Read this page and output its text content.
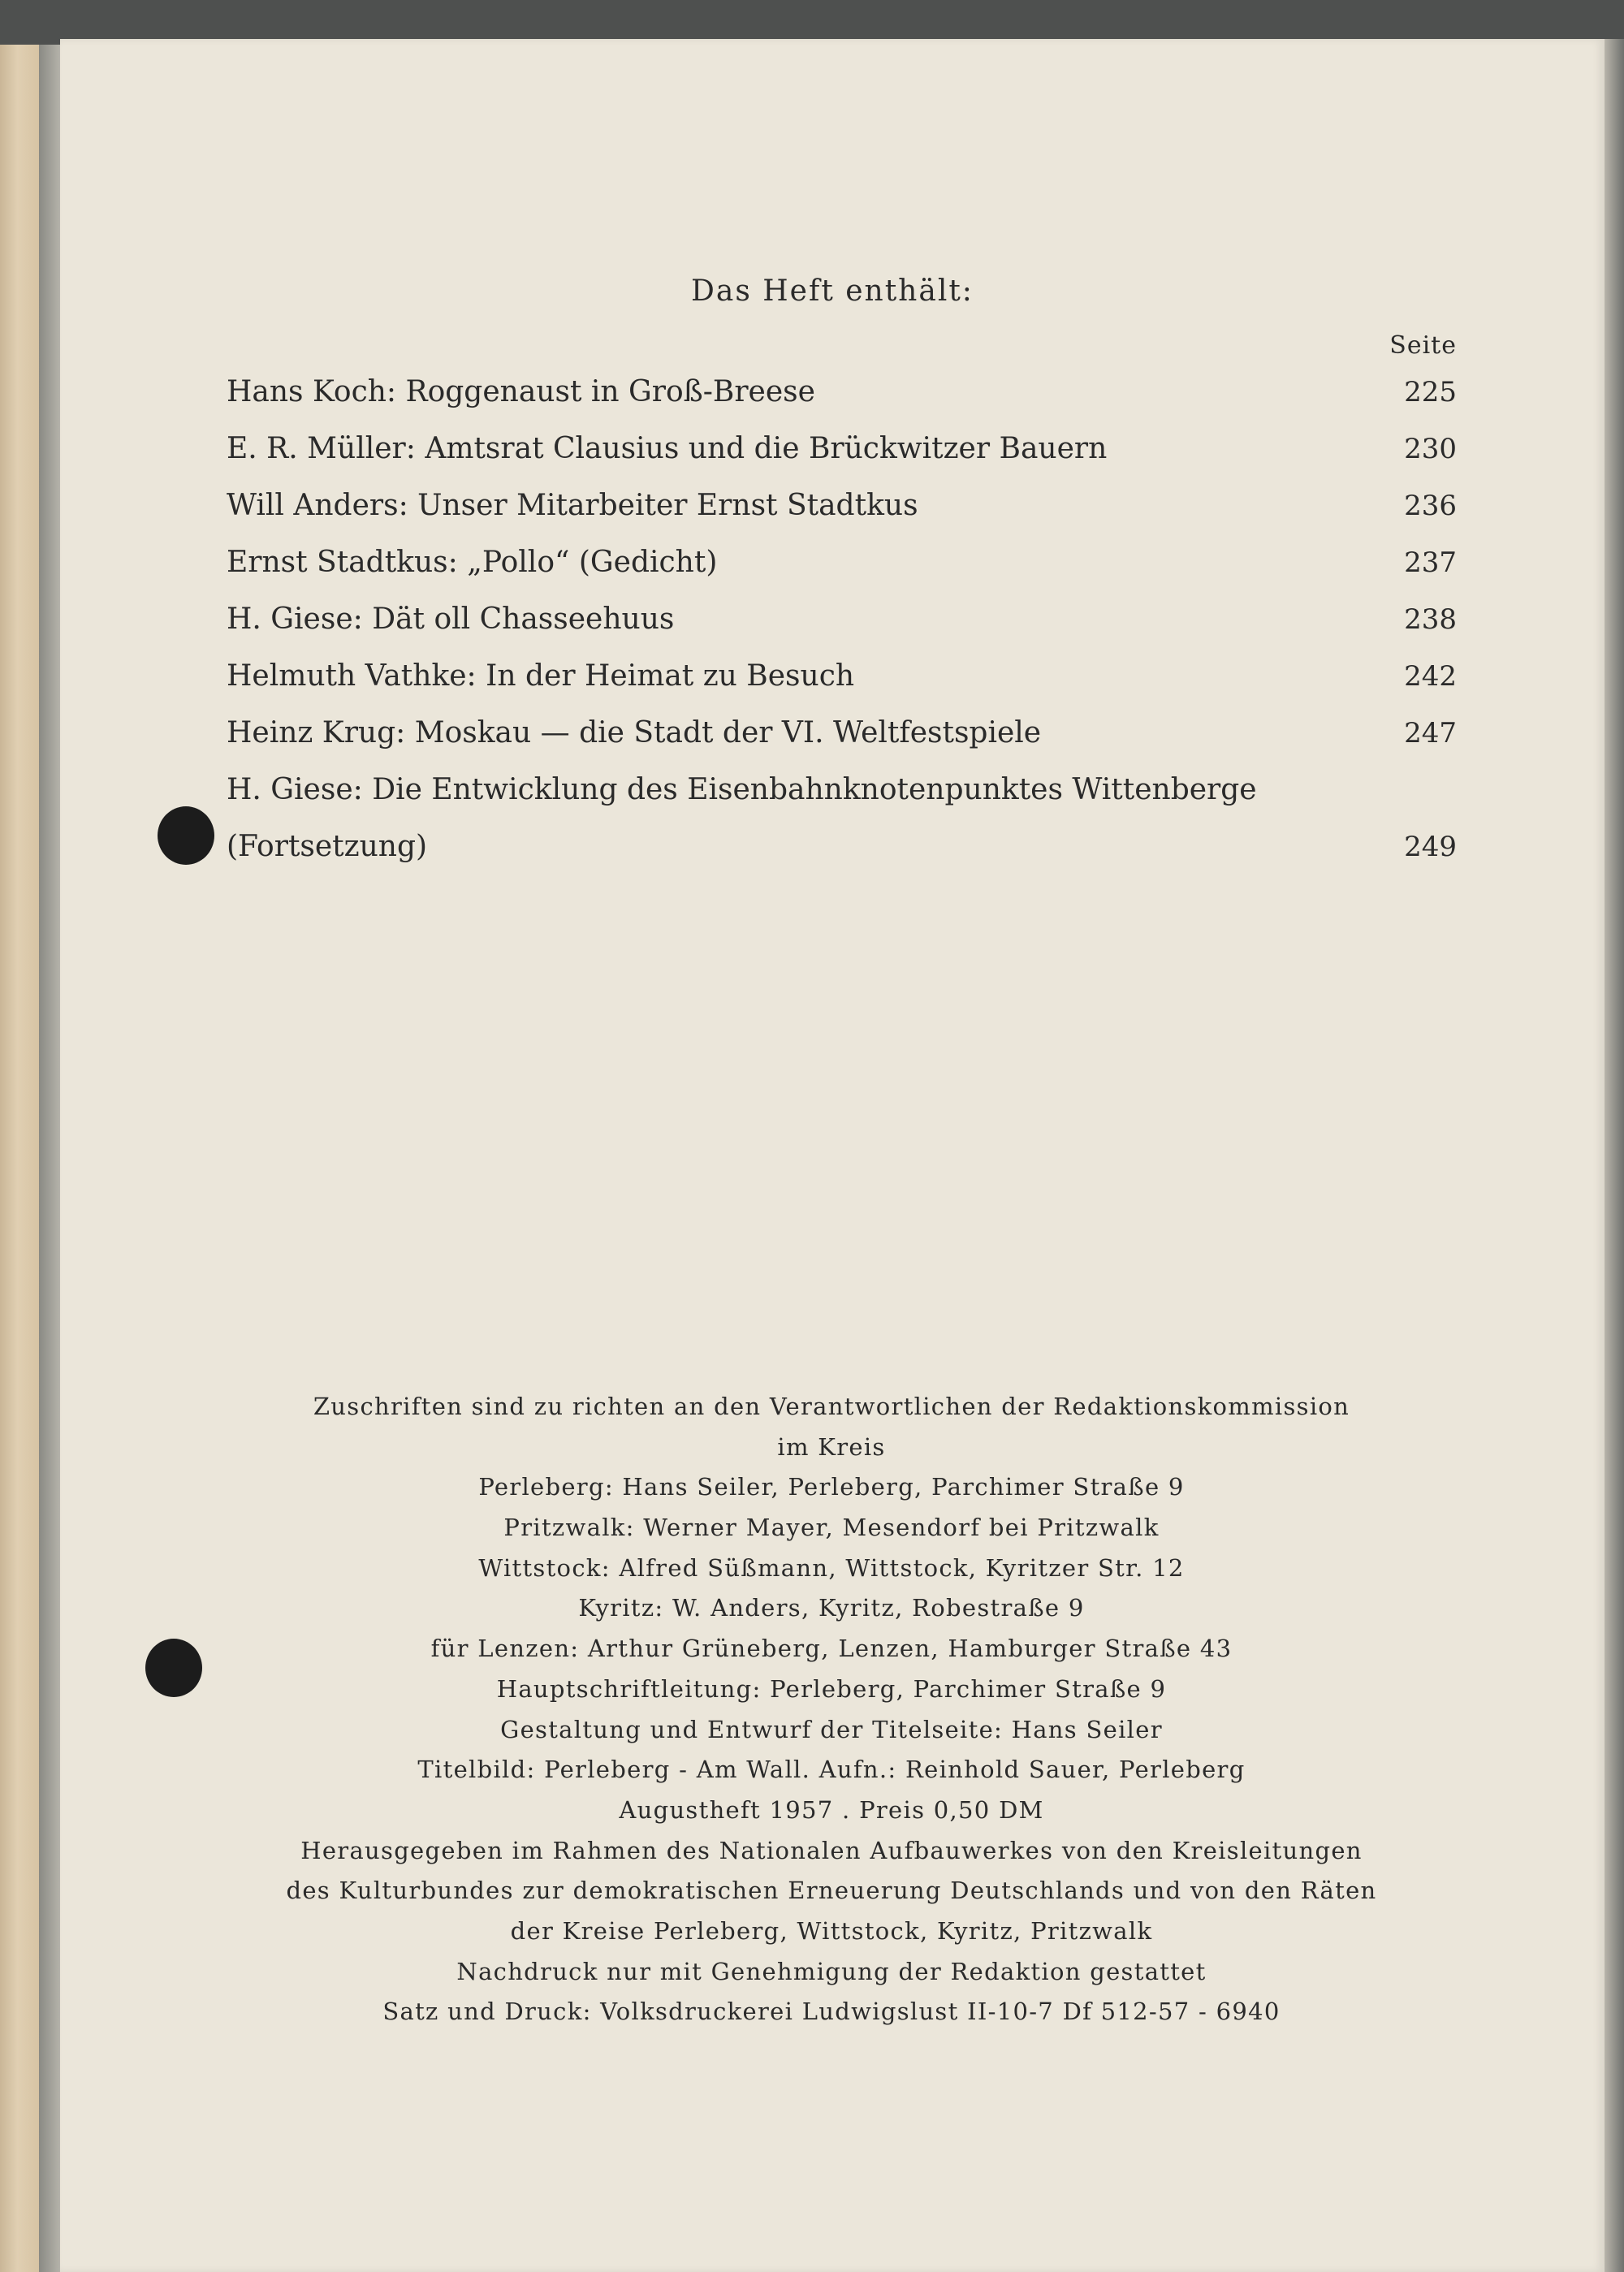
Das Heft enthält:
Seite
Hans Koch: Roggenaust in Groß-Breese	225
E. R. Müller: Amtsrat Clausius und die Brückwitzer Bauern	230
Will Anders: Unser Mitarbeiter Ernst Stadtkus	236
Ernst Stadtkus: „Pollo“ (Gedicht)	237
H. Giese: Dät oll Chasseehuus	238
Helmuth Vathke: In der Heimat zu Besuch	242
Heinz Krug: Moskau — die Stadt der VI. Weltfestspiele	247
H. Giese: Die Entwicklung des Eisenbahnknotenpunktes Wittenberge
(Fortsetzung)	249
Zuschriften sind zu richten an den Verantwortlichen der Redaktionskommission
im Kreis
Perleberg: Hans Seiler, Perleberg, Parchimer Straße 9
Pritzwalk: Werner Mayer, Mesendorf bei Pritzwalk
Wittstock: Alfred Süßmann, Wittstock, Kyritzer Str. 12
Kyritz: W. Anders, Kyritz, Robestraße 9
für Lenzen: Arthur Grüneberg, Lenzen, Hamburger Straße 43
Hauptschriftleitung: Perleberg, Parchimer Straße 9
Gestaltung und Entwurf der Titelseite: Hans Seiler
Titelbild: Perleberg - Am Wall. Aufn.: Reinhold Sauer, Perleberg
Augustheft 1957 . Preis 0,50 DM
Herausgegeben im Rahmen des Nationalen Aufbauwerkes von den Kreisleitungen
des Kulturbundes zur demokratischen Erneuerung Deutschlands und von den Räten
der Kreise Perleberg, Wittstock, Kyritz, Pritzwalk
Nachdruck nur mit Genehmigung der Redaktion gestattet
Satz und Druck: Volksdruckerei Ludwigslust II-10-7 Df 512-57 - 6940
